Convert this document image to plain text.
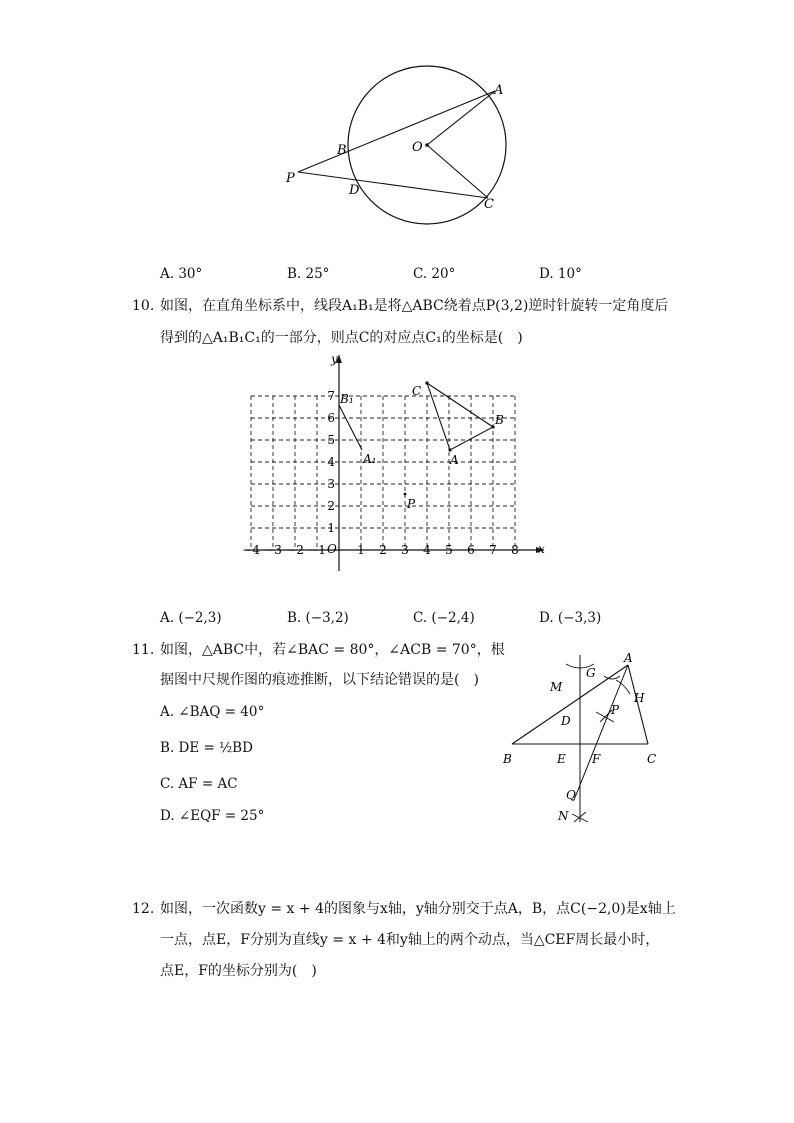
A
B	O
P
D
C
A. 30°	B. 25°	C. 20°	D. 10°
10. 如图，在直角坐标系中，线段A₁B₁是将△ABC绕着点P(3,2)逆时针旋转一定角度后
得到的△A₁B₁C₁的一部分，则点C的对应点C₁的坐标是(　)
x
y
O
−4 −3 −2 −1	1 2 3 4 5 6 7 8
1
2
3
4
5
6
7	C
B
A
B₁
A₁
P
A. (−2,3)	B. (−3,2)	C. (−2,4)	D. (−3,3)
11. 如图，△ABC中，若∠BAC = 80°，∠ACB = 70°，根
据图中尺规作图的痕迹推断，以下结论错误的是(　)
A. ∠BAQ = 40°
B. DE = ½BD
C. AF = AC
D. ∠EQF = 25°
A
G
M
H
P
D
B	E F	C
Q
N
12. 如图，一次函数y = x + 4的图象与x轴，y轴分别交于点A，B，点C(−2,0)是x轴上
一点，点E，F分别为直线y = x + 4和y轴上的两个动点，当△CEF周长最小时，
点E，F的坐标分别为(　)
